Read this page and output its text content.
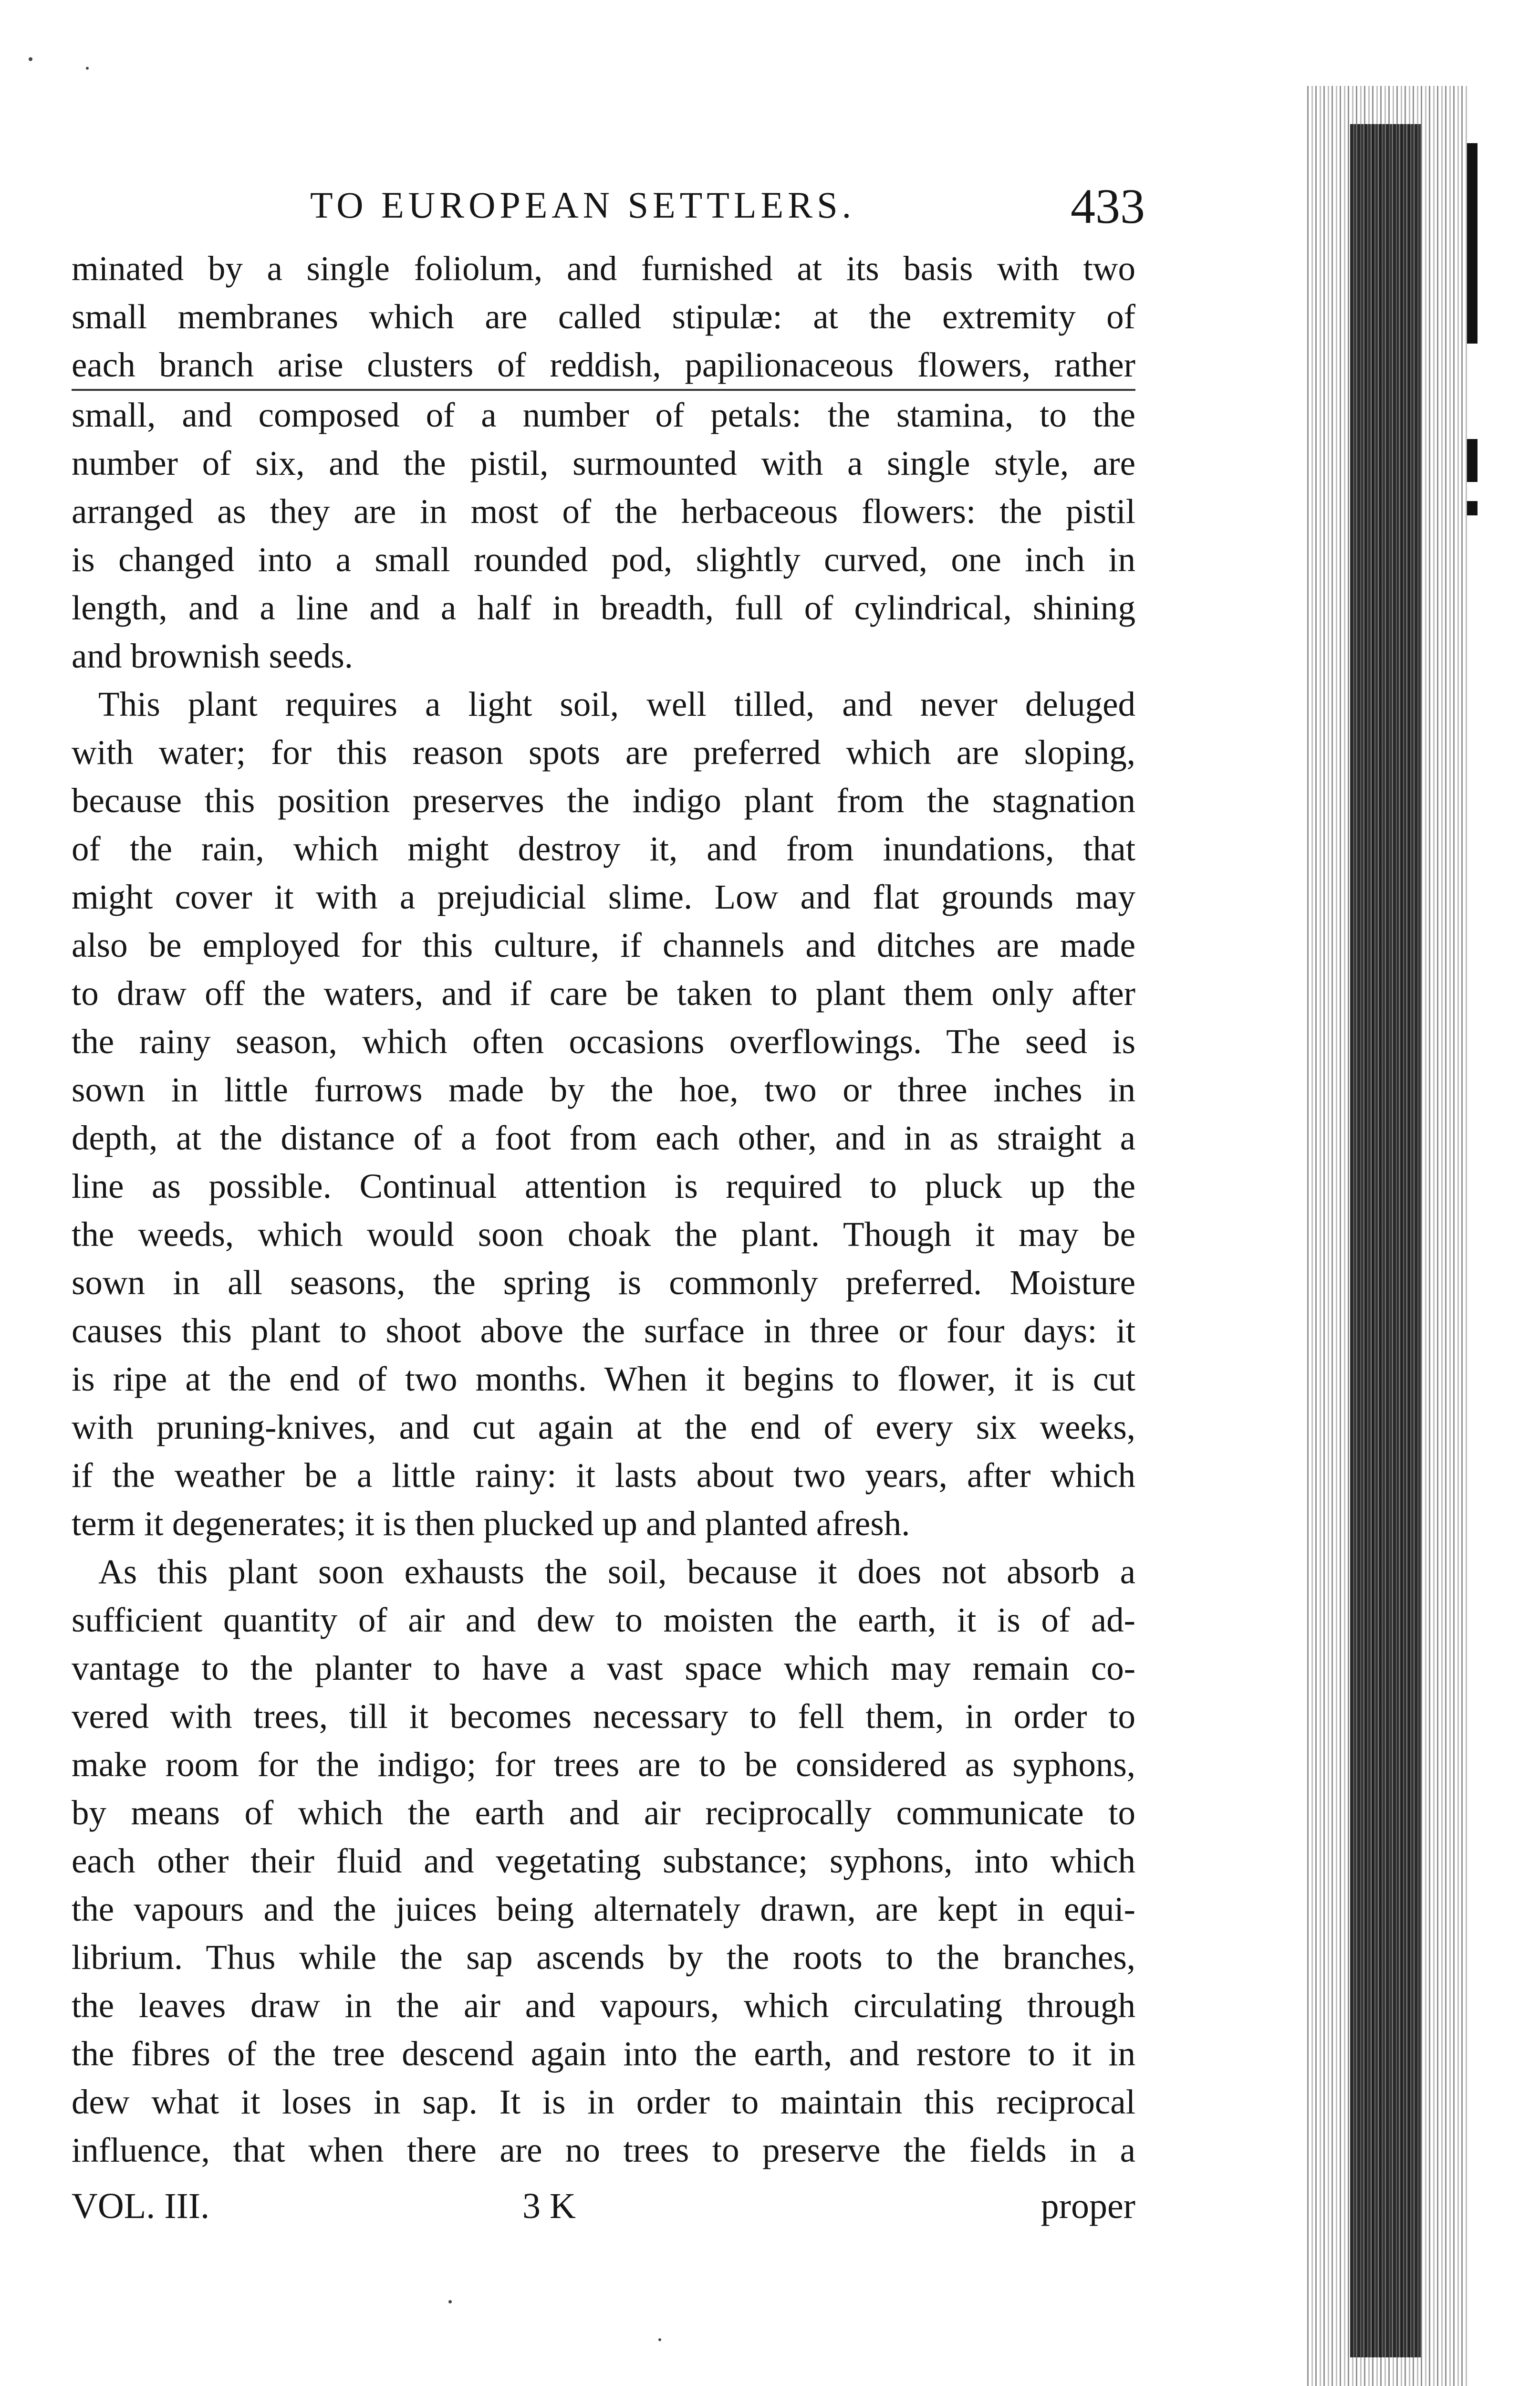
TO EUROPEAN SETTLERS.	433
minated by a single foliolum, and furnished at its basis with two
small membranes which are called stipulæ: at the extremity of
each branch arise clusters of reddish, papilionaceous flowers, rather
small, and composed of a number of petals: the stamina, to the
number of six, and the pistil, surmounted with a single style, are
arranged as they are in most of the herbaceous flowers: the pistil
is changed into a small rounded pod, slightly curved, one inch in
length, and a line and a half in breadth, full of cylindrical, shining
and brownish seeds.
This plant requires a light soil, well tilled, and never deluged
with water; for this reason spots are preferred which are sloping,
because this position preserves the indigo plant from the stagnation
of the rain, which might destroy it, and from inundations, that
might cover it with a prejudicial slime. Low and flat grounds may
also be employed for this culture, if channels and ditches are made
to draw off the waters, and if care be taken to plant them only after
the rainy season, which often occasions overflowings. The seed is
sown in little furrows made by the hoe, two or three inches in
depth, at the distance of a foot from each other, and in as straight a
line as possible. Continual attention is required to pluck up the
the weeds, which would soon choak the plant. Though it may be
sown in all seasons, the spring is commonly preferred. Moisture
causes this plant to shoot above the surface in three or four days: it
is ripe at the end of two months. When it begins to flower, it is cut
with pruning-knives, and cut again at the end of every six weeks,
if the weather be a little rainy: it lasts about two years, after which
term it degenerates; it is then plucked up and planted afresh.
As this plant soon exhausts the soil, because it does not absorb a
sufficient quantity of air and dew to moisten the earth, it is of ad-
vantage to the planter to have a vast space which may remain co-
vered with trees, till it becomes necessary to fell them, in order to
make room for the indigo; for trees are to be considered as syphons,
by means of which the earth and air reciprocally communicate to
each other their fluid and vegetating substance; syphons, into which
the vapours and the juices being alternately drawn, are kept in equi-
librium. Thus while the sap ascends by the roots to the branches,
the leaves draw in the air and vapours, which circulating through
the fibres of the tree descend again into the earth, and restore to it in
dew what it loses in sap. It is in order to maintain this reciprocal
influence, that when there are no trees to preserve the fields in a
VOL. III.	3 K	proper
